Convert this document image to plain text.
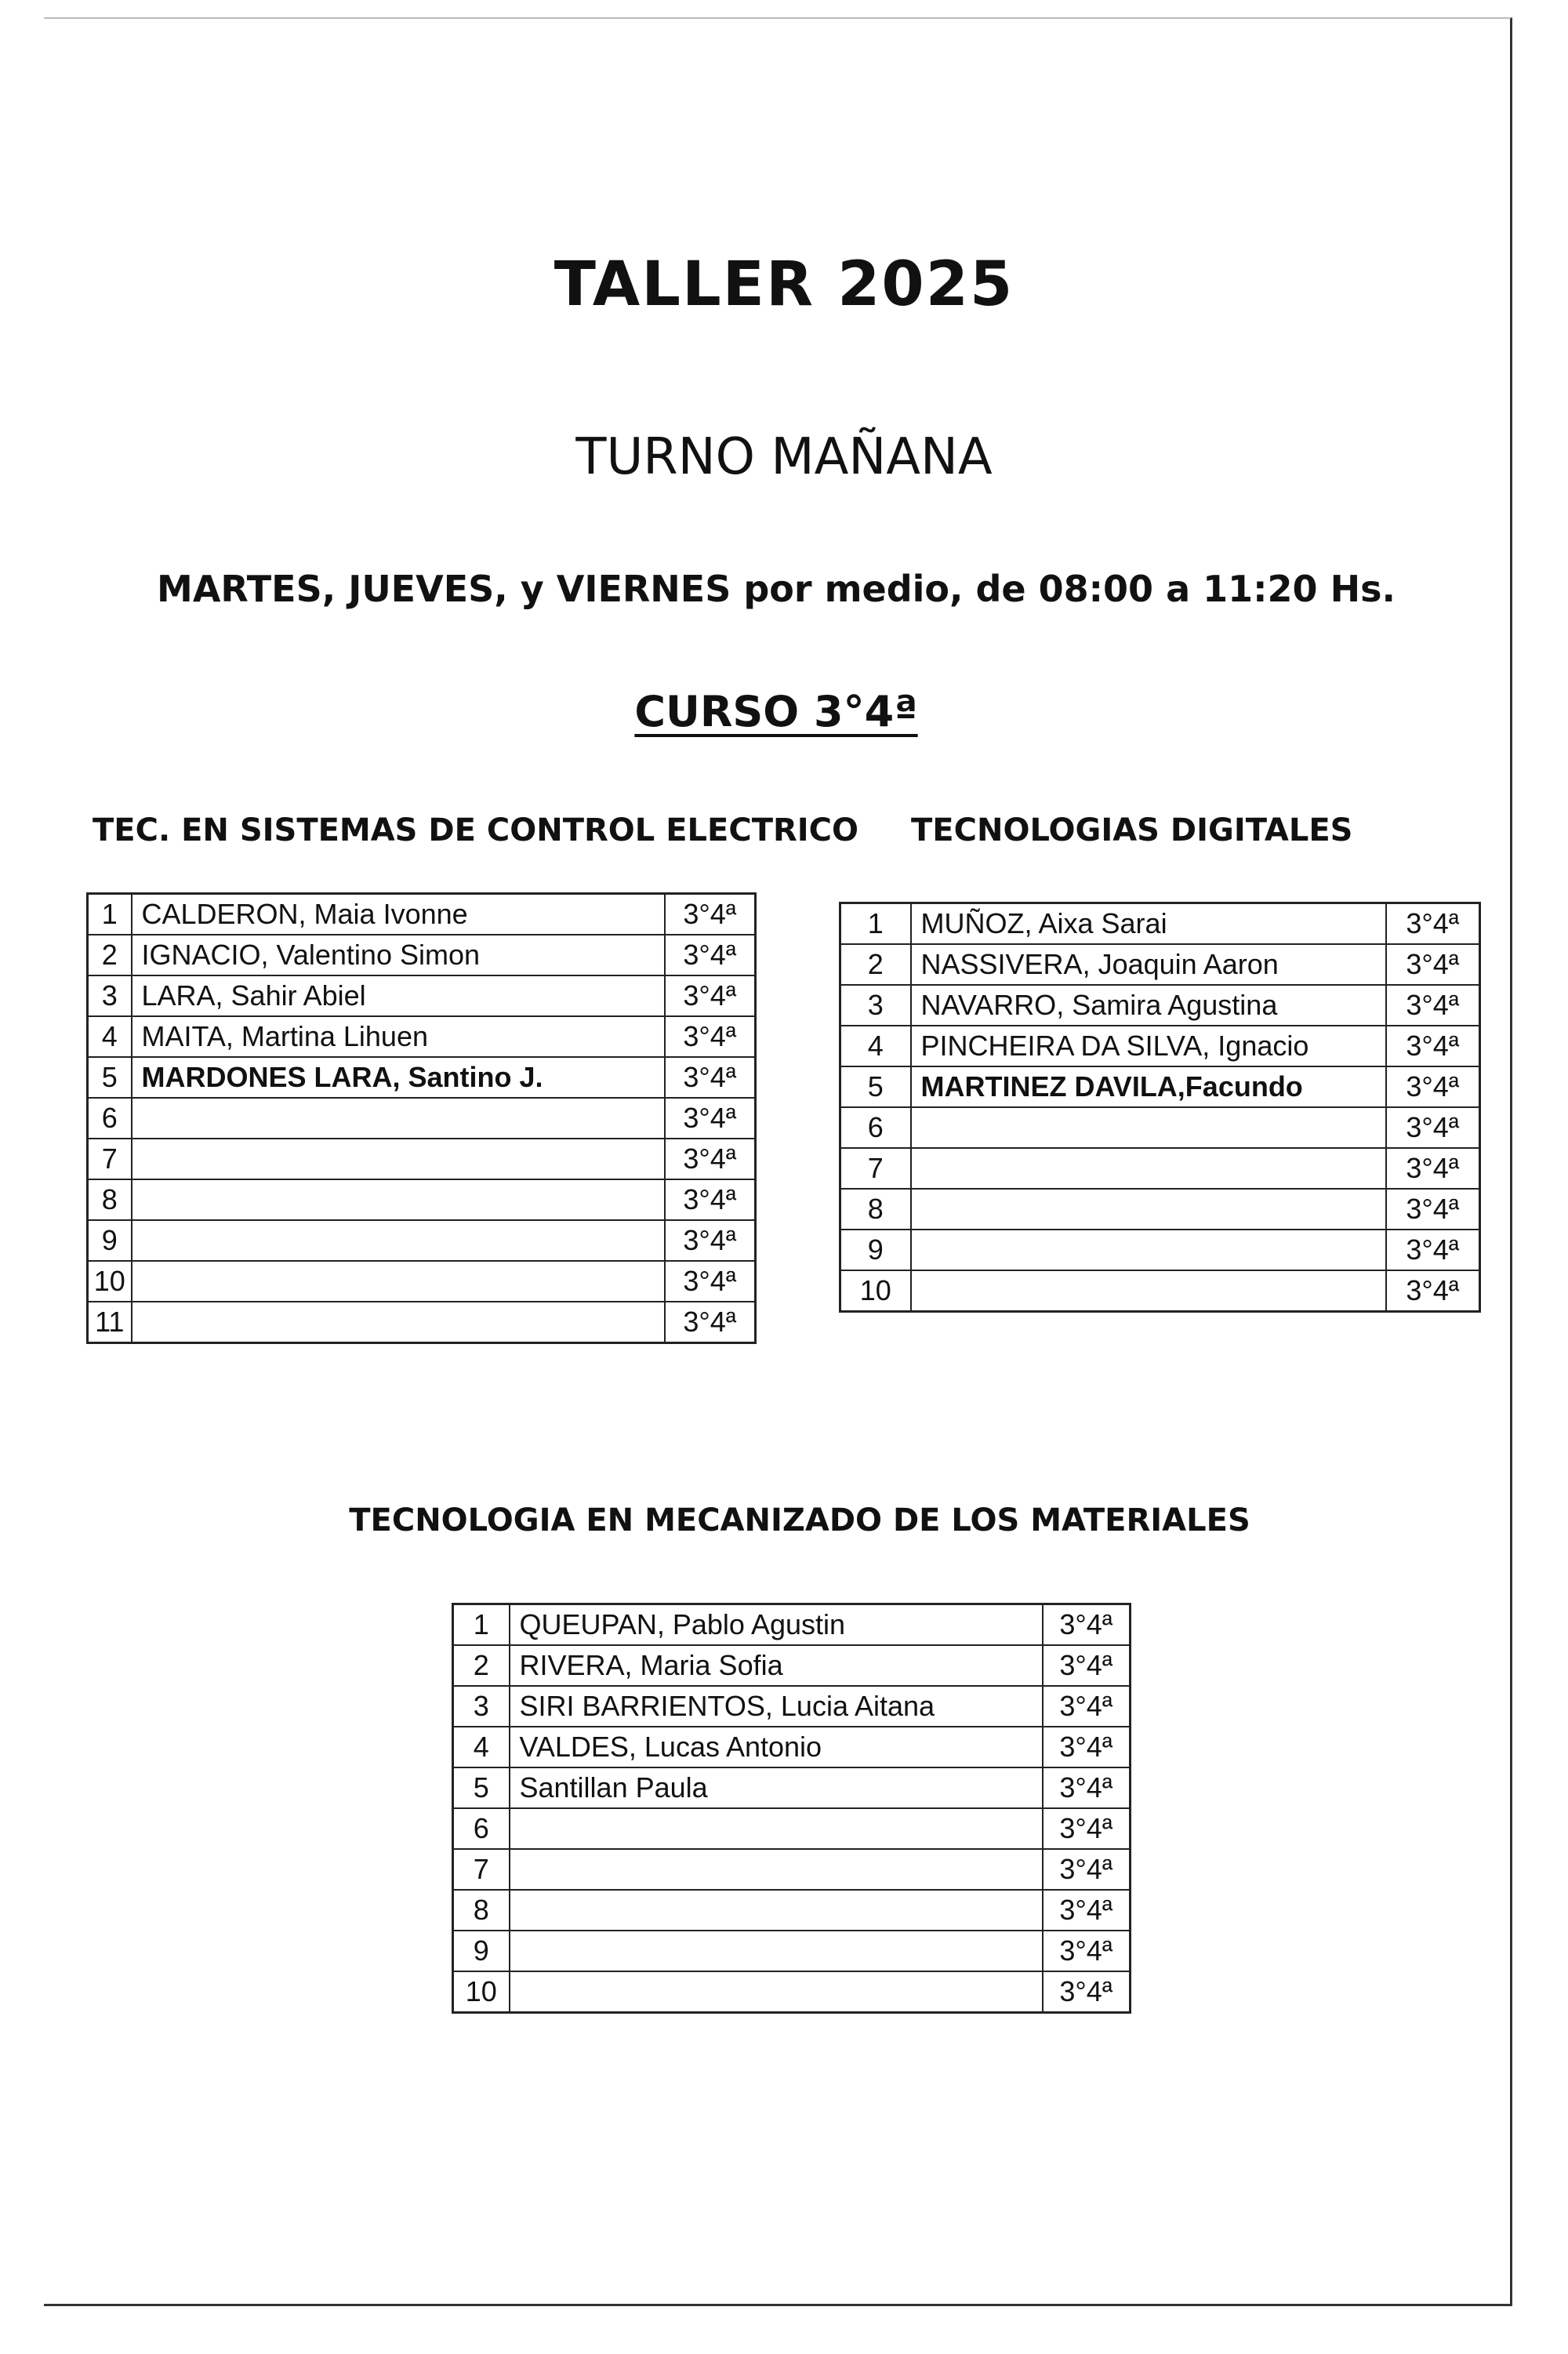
TALLER 2025
TURNO MAÑANA
MARTES, JUEVES, y VIERNES por medio, de 08:00 a 11:20 Hs.
CURSO 3°4ª
TEC. EN SISTEMAS DE CONTROL ELECTRICO
1	CALDERON, Maia Ivonne	3°4ª
2	IGNACIO, Valentino Simon	3°4ª
3	LARA, Sahir Abiel	3°4ª
4	MAITA, Martina Lihuen	3°4ª
5	MARDONES LARA, Santino J.	3°4ª
6		3°4ª
7		3°4ª
8		3°4ª
9		3°4ª
10		3°4ª
11		3°4ª
TECNOLOGIAS DIGITALES
1	MUÑOZ, Aixa Sarai	3°4ª
2	NASSIVERA, Joaquin Aaron	3°4ª
3	NAVARRO, Samira Agustina	3°4ª
4	PINCHEIRA DA SILVA, Ignacio	3°4ª
5	MARTINEZ DAVILA,Facundo	3°4ª
6		3°4ª
7		3°4ª
8		3°4ª
9		3°4ª
10		3°4ª
TECNOLOGIA EN MECANIZADO DE LOS MATERIALES
1	QUEUPAN, Pablo Agustin	3°4ª
2	RIVERA, Maria Sofia	3°4ª
3	SIRI BARRIENTOS, Lucia Aitana	3°4ª
4	VALDES, Lucas Antonio	3°4ª
5	Santillan Paula	3°4ª
6		3°4ª
7		3°4ª
8		3°4ª
9		3°4ª
10		3°4ª
